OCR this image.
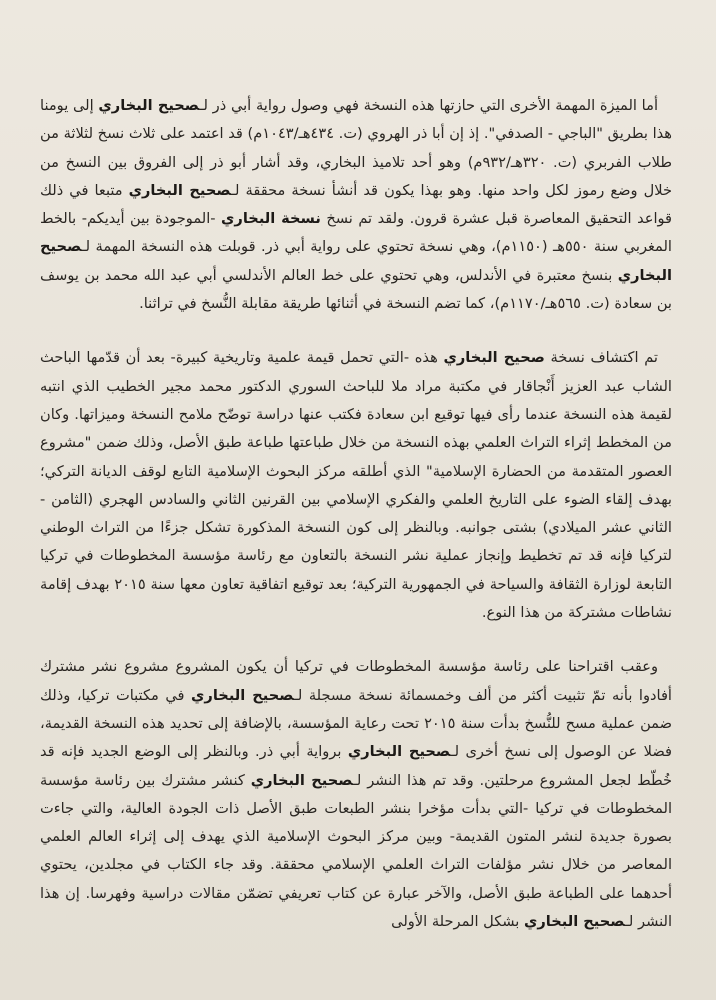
أما الميزة المهمة الأخرى التي حازتها هذه النسخة فهي وصول رواية أبي ذر لـصحيح البخاري إلى يومنا هذا بطريق "الباجي - الصدفي". إذ إن أبا ذر الهروي (ت. ٤٣٤هـ/١٠٤٣م) قد اعتمد على ثلاث نسخ لثلاثة من طلاب الفربري (ت. ٣٢٠هـ/٩٣٢م) وهو أحد تلاميذ البخاري، وقد أشار أبو ذر إلى الفروق بين النسخ من خلال وضع رموز لكل واحد منها. وهو بهذا يكون قد أنشأ نسخة محققة لـصحيح البخاري متبعا في ذلك قواعد التحقيق المعاصرة قبل عشرة قرون. ولقد تم نسخ نسخة البخاري -الموجودة بين أيديكم- بالخط المغربي سنة ٥٥٠هـ (١١٥٠م)، وهي نسخة تحتوي على رواية أبي ذر. قوبلت هذه النسخة المهمة لـصحيح البخاري بنسخ معتبرة في الأندلس، وهي تحتوي على خط العالم الأندلسي أبي عبد الله محمد بن يوسف بن سعادة (ت. ٥٦٥هـ/١١٧٠م)، كما تضم النسخة في أثنائها طريقة مقابلة النُّسخ في تراثنا.

تم اكتشاف نسخة صحيح البخاري هذه -التي تحمل قيمة علمية وتاريخية كبيرة- بعد أن قدّمها الباحث الشاب عبد العزيز أَنْجاقار في مكتبة مراد ملا للباحث السوري الدكتور محمد مجير الخطيب الذي انتبه لقيمة هذه النسخة عندما رأى فيها توقيع ابن سعادة فكتب عنها دراسة توضّح ملامح النسخة وميزاتها. وكان من المخطط إثراء التراث العلمي بهذه النسخة من خلال طباعتها طباعة طبق الأصل، وذلك ضمن "مشروع العصور المتقدمة من الحضارة الإسلامية" الذي أطلقه مركز البحوث الإسلامية التابع لوقف الديانة التركي؛ بهدف إلقاء الضوء على التاريخ العلمي والفكري الإسلامي بين القرنين الثاني والسادس الهجري (الثامن - الثاني عشر الميلادي) بشتى جوانبه. وبالنظر إلى كون النسخة المذكورة تشكل جزءًا من التراث الوطني لتركيا فإنه قد تم تخطيط وإنجاز عملية نشر النسخة بالتعاون مع رئاسة مؤسسة المخطوطات في تركيا التابعة لوزارة الثقافة والسياحة في الجمهورية التركية؛ بعد توقيع اتفاقية تعاون معها سنة ٢٠١٥ بهدف إقامة نشاطات مشتركة من هذا النوع.

وعقب اقتراحنا على رئاسة مؤسسة المخطوطات في تركيا أن يكون المشروع مشروع نشر مشترك أفادوا بأنه تمّ تثبيت أكثر من ألف وخمسمائة نسخة مسجلة لـصحيح البخاري في مكتبات تركيا، وذلك ضمن عملية مسح للنُّسخ بدأت سنة ٢٠١٥ تحت رعاية المؤسسة، بالإضافة إلى تحديد هذه النسخة القديمة، فضلا عن الوصول إلى نسخ أخرى لـصحيح البخاري برواية أبي ذر. وبالنظر إلى الوضع الجديد فإنه قد خُطّط لجعل المشروع مرحلتين. وقد تم هذا النشر لـصحيح البخاري كنشر مشترك بين رئاسة مؤسسة المخطوطات في تركيا -التي بدأت مؤخرا بنشر الطبعات طبق الأصل ذات الجودة العالية، والتي جاءت بصورة جديدة لنشر المتون القديمة- وبين مركز البحوث الإسلامية الذي يهدف إلى إثراء العالم العلمي المعاصر من خلال نشر مؤلفات التراث العلمي الإسلامي محققة. وقد جاء الكتاب في مجلدين، يحتوي أحدهما على الطباعة طبق الأصل، والآخر عبارة عن كتاب تعريفي تضمّن مقالات دراسية وفهرسا. إن هذا النشر لـصحيح البخاري بشكل المرحلة الأولى
